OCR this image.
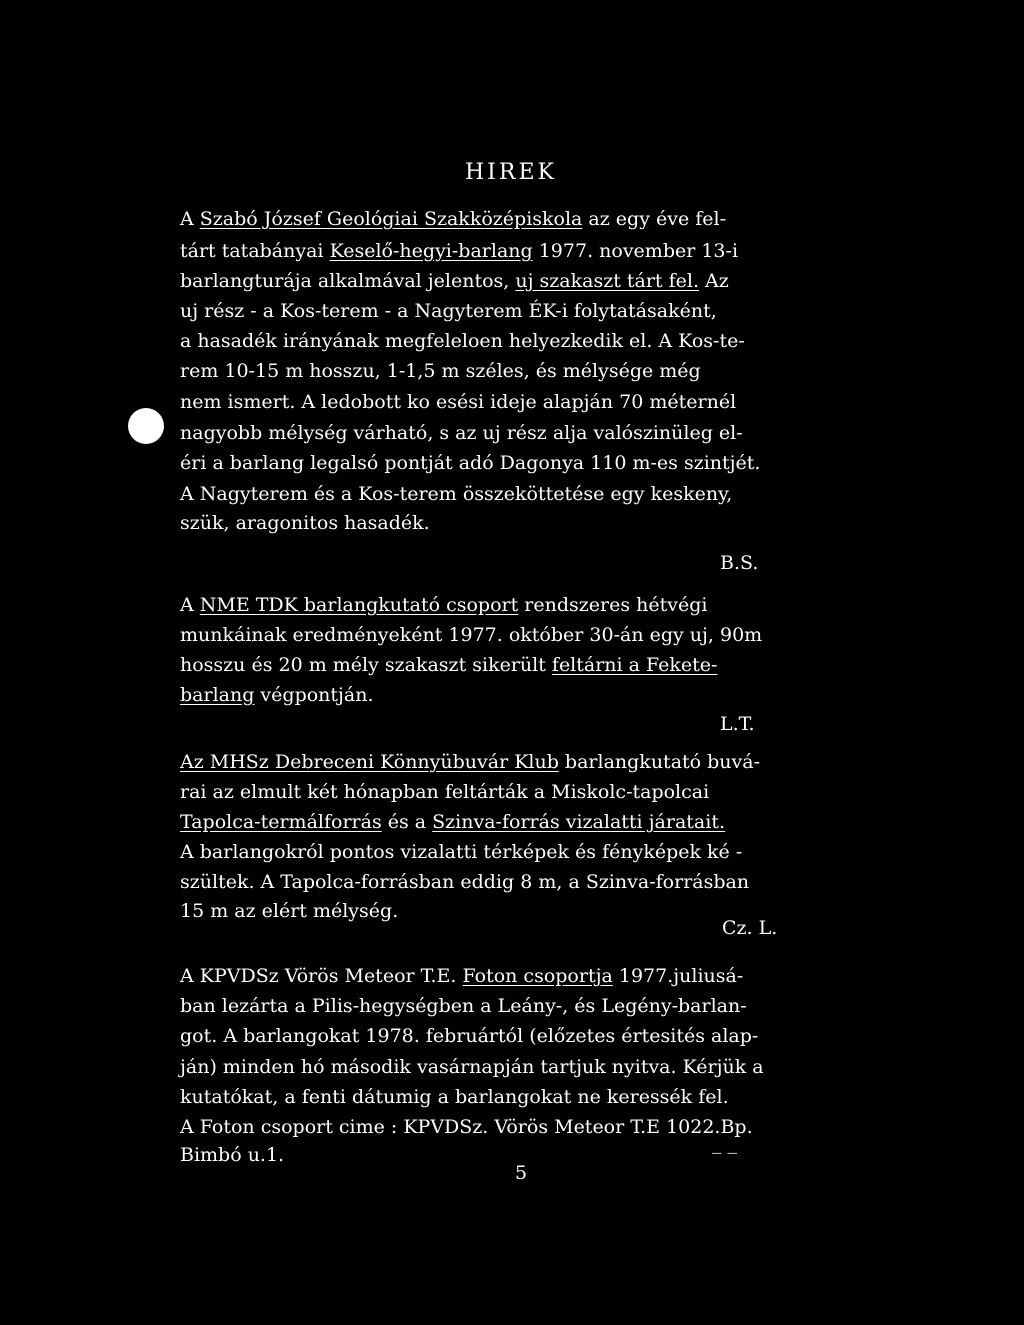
HIREK
A Szabó József Geológiai Szakközépiskola az egy éve fel-
tárt tatabányai Keselő-hegyi-barlang 1977. november 13-i
barlangturája alkalmával jelentos, uj szakaszt tárt fel. Az
uj rész - a Kos-terem - a Nagyterem ÉK-i folytatásaként,
a hasadék irányának megfeleloen helyezkedik el. A Kos-te-
rem 10-15 m hosszu, 1-1,5 m széles, és mélysége még
nem ismert. A ledobott ko esési ideje alapján 70 méternél
nagyobb mélység várható, s az uj rész alja valószinüleg el-
éri a barlang legalsó pontját adó Dagonya 110 m-es szintjét.
A Nagyterem és a Kos-terem összeköttetése egy keskeny,
szük, aragonitos hasadék.
B.S.
A NME TDK barlangkutató csoport rendszeres hétvégi
munkáinak eredményeként 1977. október 30-án egy uj, 90m
hosszu és 20 m mély szakaszt sikerült feltárni a Fekete-
barlang végpontján.
L.T.
Az MHSz Debreceni Könnyübuvár Klub barlangkutató buvá-
rai az elmult két hónapban feltárták a Miskolc-tapolcai
Tapolca-termálforrás és a Szinva-forrás vizalatti járatait.
A barlangokról pontos vizalatti térképek és fényképek ké -
szültek. A Tapolca-forrásban eddig 8 m, a Szinva-forrásban
15 m az elért mélység.
Cz. L.
A KPVDSz Vörös Meteor T.E. Foton csoportja 1977.juliusá-
ban lezárta a Pilis-hegységben a Leány-, és Legény-barlan-
got. A barlangokat 1978. februártól (előzetes értesités alap-
ján) minden hó második vasárnapján tartjuk nyitva. Kérjük a
kutatókat, a fenti dátumig a barlangokat ne keressék fel.
A Foton csoport cime : KPVDSz. Vörös Meteor T.E 1022.Bp.
Bimbó u.1.
_ _
5
